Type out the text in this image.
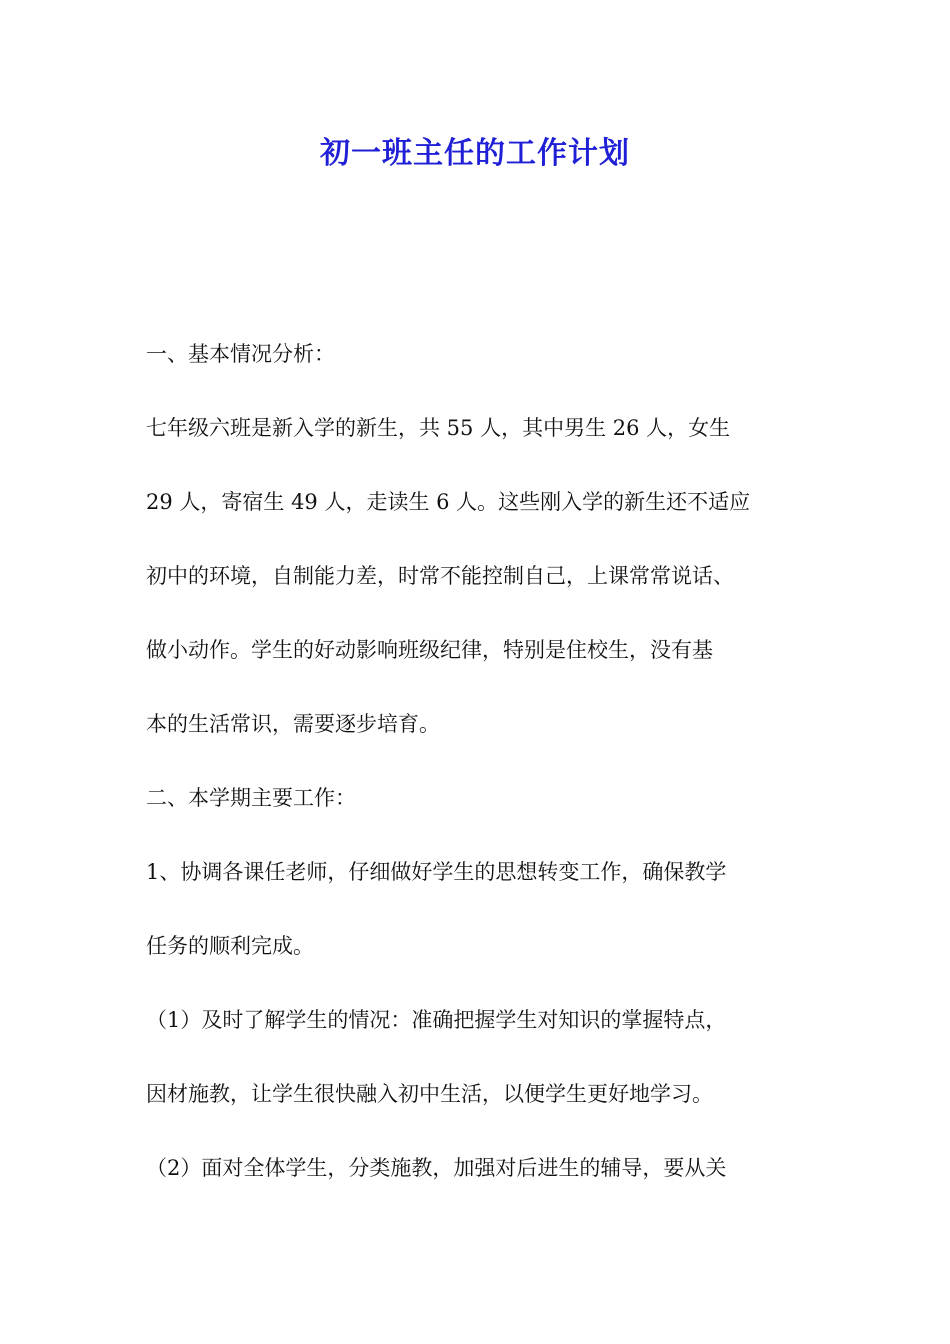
初一班主任的工作计划

一、基本情况分析：

七年级六班是新入学的新生，共 55 人，其中男生 26 人，女生

29 人，寄宿生 49 人，走读生 6 人。这些刚入学的新生还不适应

初中的环境，自制能力差，时常不能控制自己，上课常常说话、

做小动作。学生的好动影响班级纪律，特别是住校生，没有基

本的生活常识，需要逐步培育。

二、本学期主要工作：

1、协调各课任老师，仔细做好学生的思想转变工作，确保教学

任务的顺利完成。

（1）及时了解学生的情况：准确把握学生对知识的掌握特点，

因材施教，让学生很快融入初中生活，以便学生更好地学习。

（2）面对全体学生，分类施教，加强对后进生的辅导，要从关
